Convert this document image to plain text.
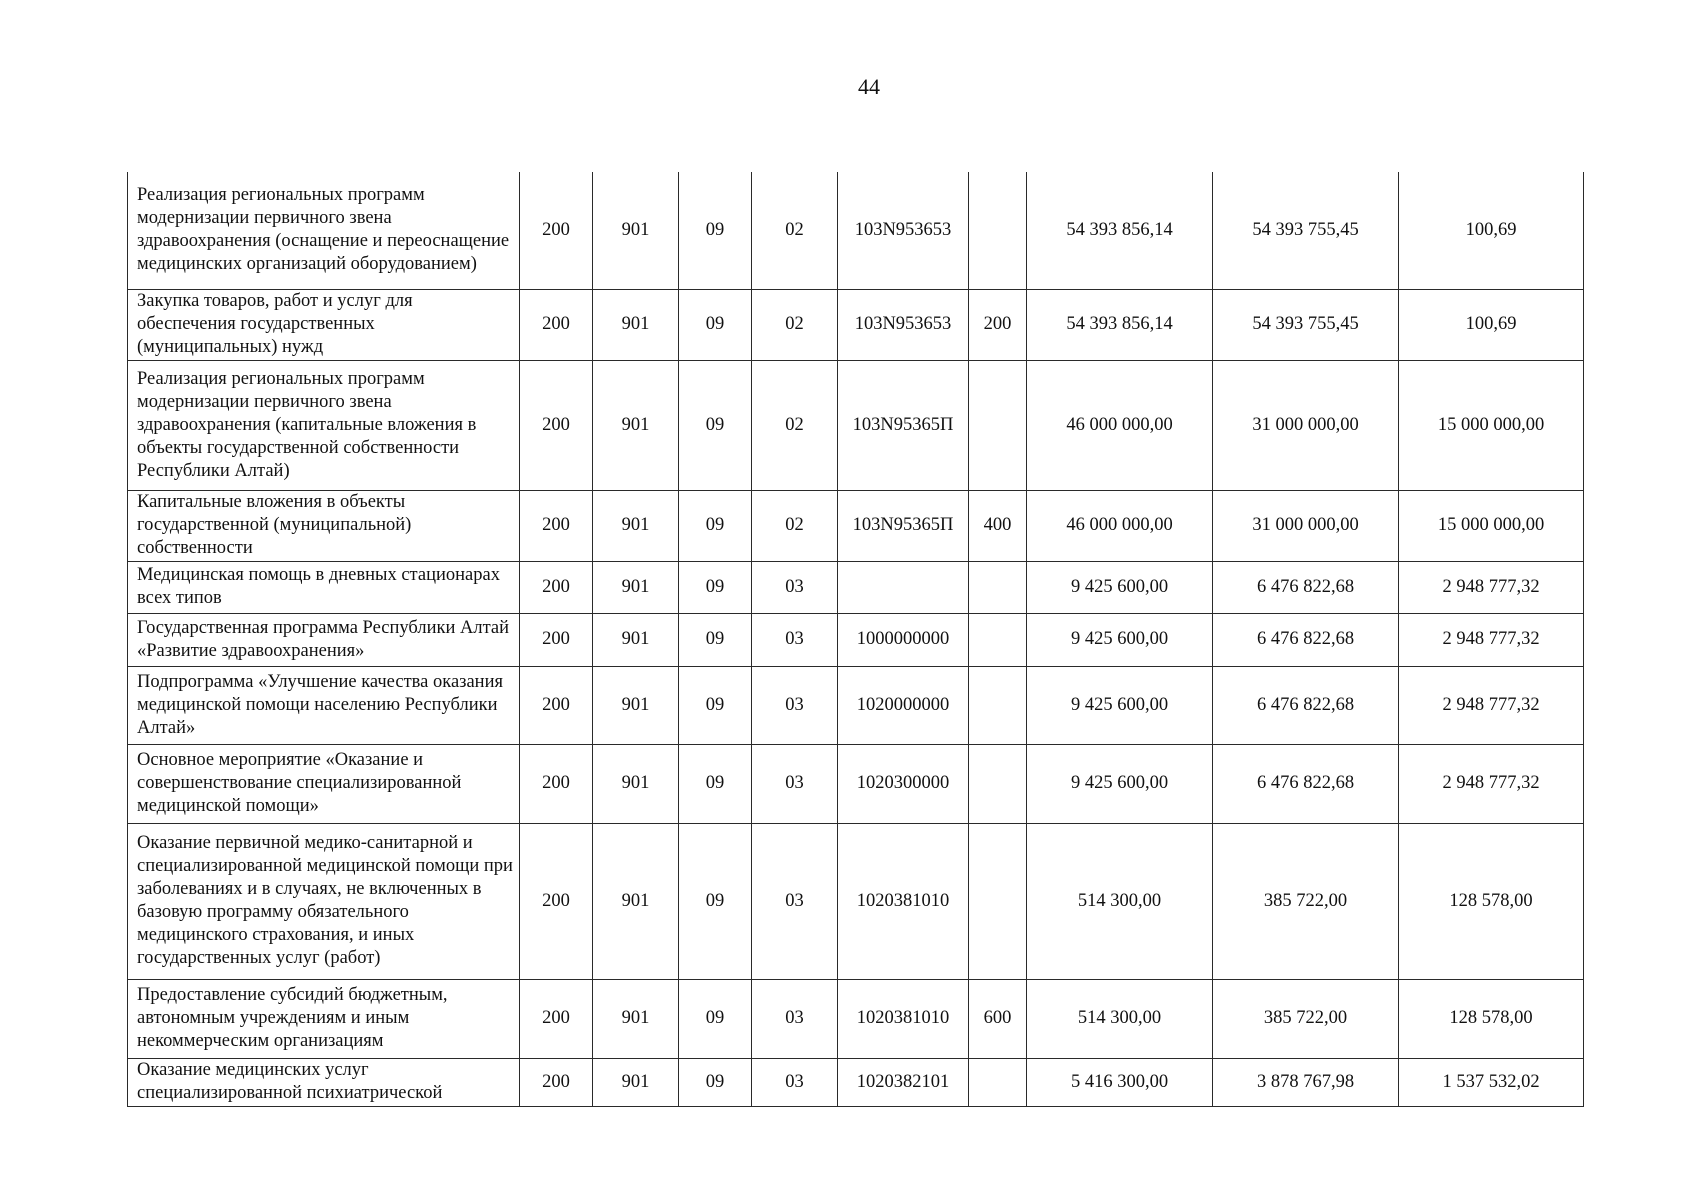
44
Реализация региональных программ модернизации первичного звена здравоохранения (оснащение и переоснащение медицинских организаций оборудованием)	200	901	09	02	103N953653		54 393 856,14	54 393 755,45	100,69
Закупка товаров, работ и услуг для обеспечения государственных (муниципальных) нужд	200	901	09	02	103N953653	200	54 393 856,14	54 393 755,45	100,69
Реализация региональных программ модернизации первичного звена здравоохранения (капитальные вложения в объекты государственной собственности Республики Алтай)	200	901	09	02	103N95365П		46 000 000,00	31 000 000,00	15 000 000,00
Капитальные вложения в объекты государственной (муниципальной) собственности	200	901	09	02	103N95365П	400	46 000 000,00	31 000 000,00	15 000 000,00
Медицинская помощь в дневных стационарах всех типов	200	901	09	03			9 425 600,00	6 476 822,68	2 948 777,32
Государственная программа Республики Алтай «Развитие здравоохранения»	200	901	09	03	1000000000		9 425 600,00	6 476 822,68	2 948 777,32
Подпрограмма «Улучшение качества оказания медицинской помощи населению Республики Алтай»	200	901	09	03	1020000000		9 425 600,00	6 476 822,68	2 948 777,32
Основное мероприятие «Оказание и совершенствование специализированной медицинской помощи»	200	901	09	03	1020300000		9 425 600,00	6 476 822,68	2 948 777,32
Оказание первичной медико-санитарной и специализированной медицинской помощи при заболеваниях и в случаях, не включенных в базовую программу обязательного медицинского страхования, и иных государственных услуг (работ)	200	901	09	03	1020381010		514 300,00	385 722,00	128 578,00
Предоставление субсидий бюджетным, автономным учреждениям и иным некоммерческим организациям	200	901	09	03	1020381010	600	514 300,00	385 722,00	128 578,00
Оказание медицинских услуг специализированной психиатрической	200	901	09	03	1020382101		5 416 300,00	3 878 767,98	1 537 532,02
